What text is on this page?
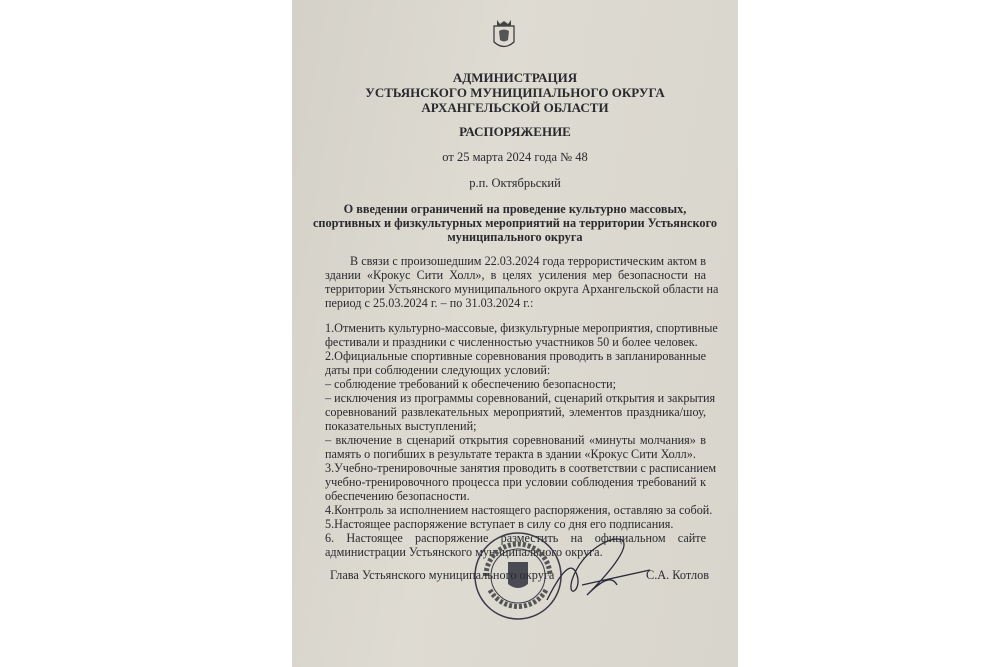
АДМИНИСТРАЦИЯ
УСТЬЯНСКОГО МУНИЦИПАЛЬНОГО ОКРУГА
АРХАНГЕЛЬСКОЙ ОБЛАСТИ
РАСПОРЯЖЕНИЕ
от 25 марта 2024 года № 48
р.п. Октябрьский
О введении ограничений на проведение культурно массовых,
спортивных и физкультурных мероприятий на территории Устьянского
муниципального округа
В связи с произошедшим 22.03.2024 года террористическим актом в
здании «Крокус Сити Холл», в целях усиления мер безопасности на
территории Устьянского муниципального округа Архангельской области на
период с 25.03.2024 г. – по 31.03.2024 г.:
1.Отменить культурно-массовые, физкультурные мероприятия, спортивные
фестивали и праздники с численностью участников 50 и более человек.
2.Официальные спортивные соревнования проводить в запланированные
даты при соблюдении следующих условий:
– соблюдение требований к обеспечению безопасности;
– исключения из программы соревнований, сценарий открытия и закрытия
соревнований развлекательных мероприятий, элементов праздника/шоу,
показательных выступлений;
– включение в сценарий открытия соревнований «минуты молчания» в
память о погибших в результате теракта в здании «Крокус Сити Холл».
3.Учебно-тренировочные занятия проводить в соответствии с расписанием
учебно-тренировочного процесса при условии соблюдения требований к
обеспечению безопасности.
4.Контроль за исполнением настоящего распоряжения, оставляю за собой.
5.Настоящее распоряжение вступает в силу со дня его подписания.
6. Настоящее распоряжение разместить на официальном сайте
администрации Устьянского муниципального округа.
Глава Устьянского муниципального округа	С.А. Котлов
